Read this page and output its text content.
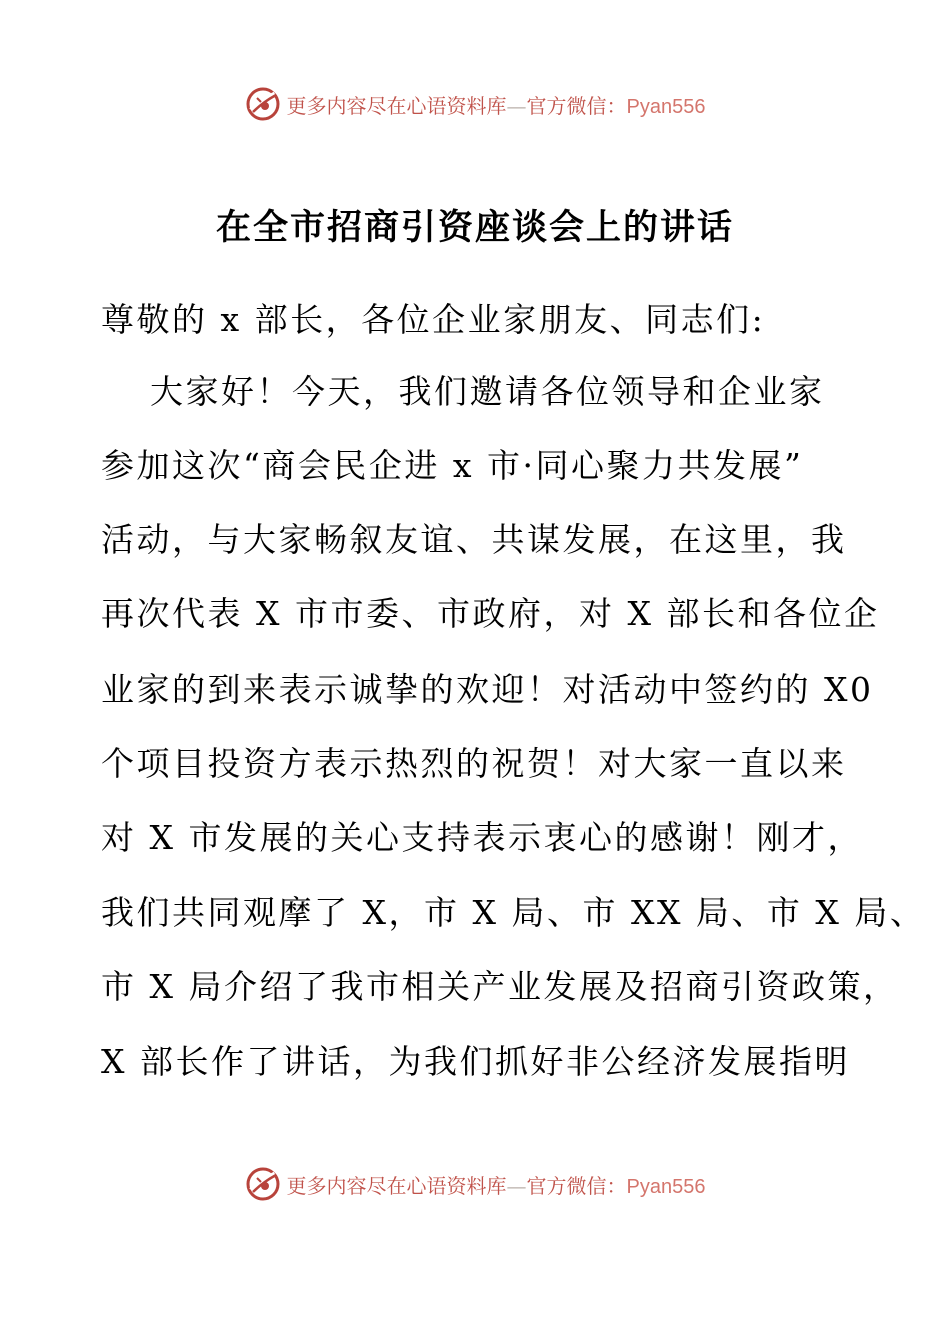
更多内容尽在心语资料库—官方微信：Pyan556
在全市招商引资座谈会上的讲话
尊敬的 x 部长，各位企业家朋友、同志们:
大家好！今天，我们邀请各位领导和企业家
参加这次“商会民企进 x 市·同心聚力共发展”
活动，与大家畅叙友谊、共谋发展，在这里，我
再次代表 X 市市委、市政府，对 X 部长和各位企
业家的到来表示诚挚的欢迎！对活动中签约的 X0
个项目投资方表示热烈的祝贺！对大家一直以来
对 X 市发展的关心支持表示衷心的感谢！刚才，
我们共同观摩了 X，市 X 局、市 XX 局、市 X 局、
市 X 局介绍了我市相关产业发展及招商引资政策，
X 部长作了讲话，为我们抓好非公经济发展指明
更多内容尽在心语资料库—官方微信：Pyan556
